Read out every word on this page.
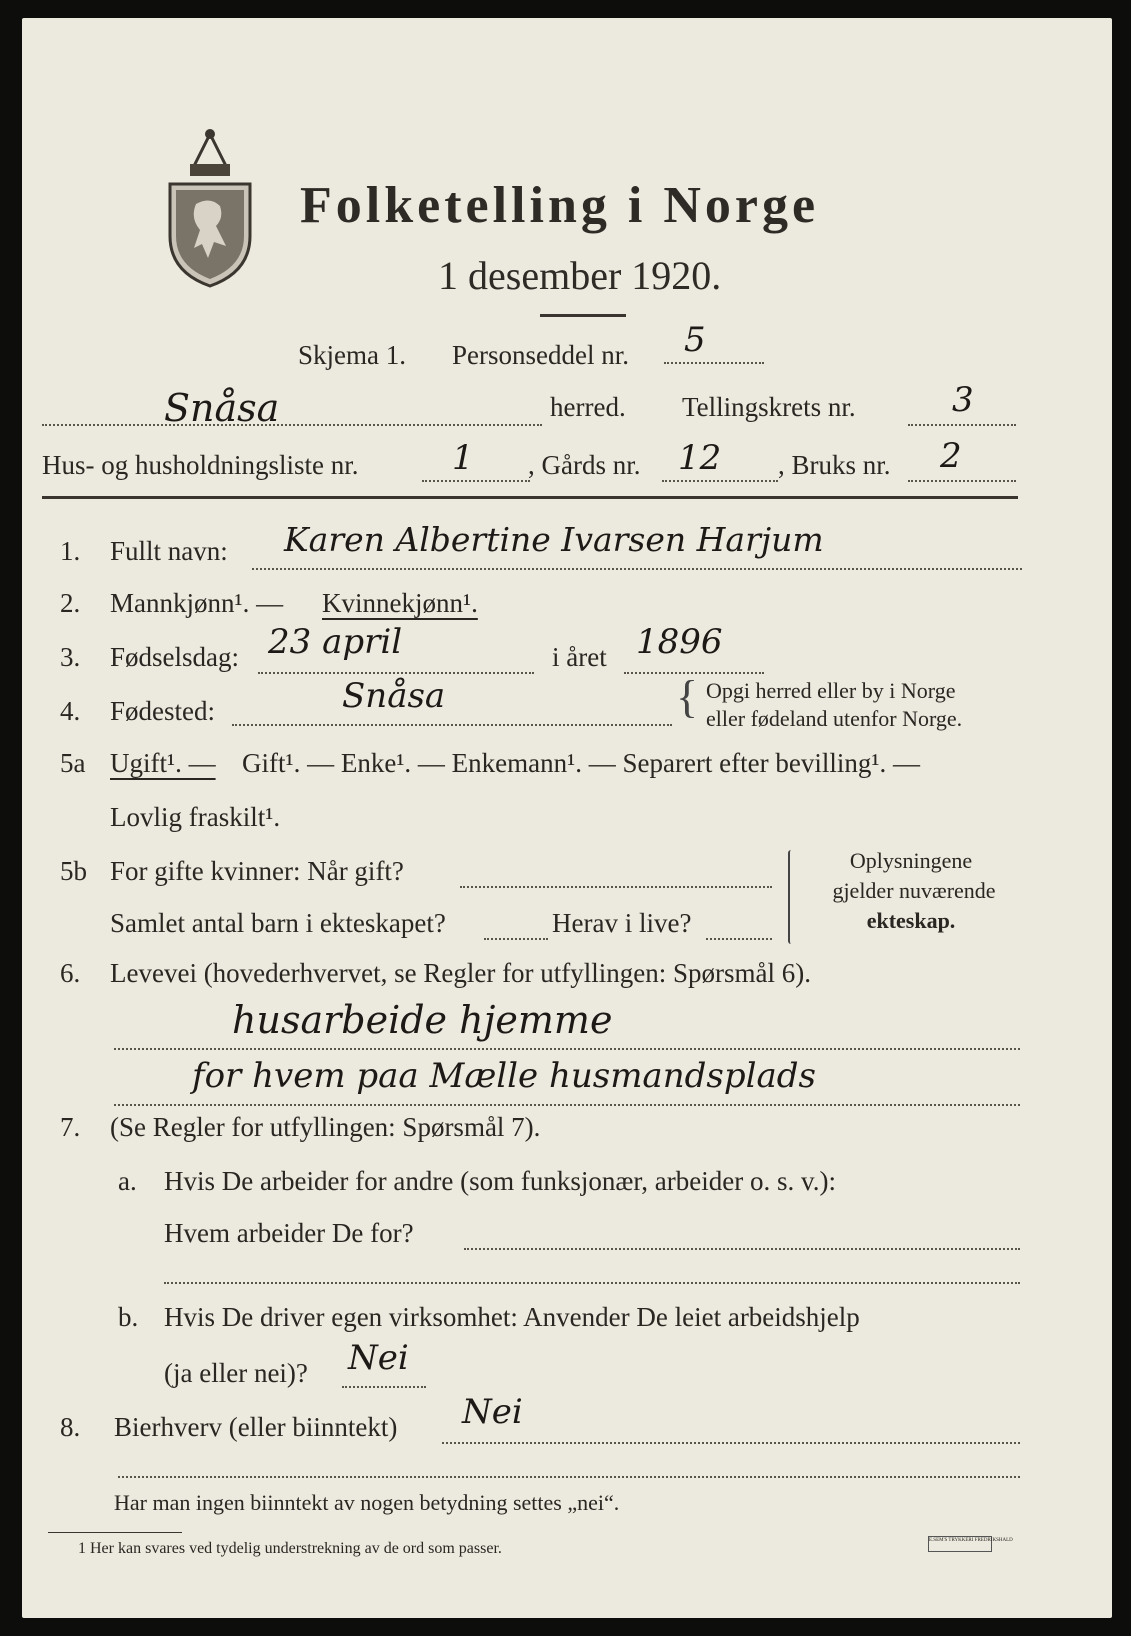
Folketelling i Norge
1 desember 1920.
Skjema 1. Personseddel nr. 5
Snåsa	herred. Tellingskrets nr.	3
Hus- og husholdningsliste nr.	1 , Gårds nr. 12 , Bruks nr. 2
1. Fullt navn: Karen Albertine Ivarsen Harjum
2. Mannkjønn¹. — Kvinnekjønn¹.
3. Fødselsdag: 23 april	i året 1896
4. Fødested:	Snåsa	{ Opgi herred eller by i Norge
eller fødeland utenfor Norge.
5a Ugift¹. — Gift¹. — Enke¹. — Enkemann¹. — Separert efter bevilling¹. —
Lovlig fraskilt¹.
5b For gifte kvinner: Når gift?
Samlet antal barn i ekteskapet?	Herav i live?
Oplysningene
gjelder nuværende
ekteskap.
6. Levevei (hovederhvervet, se Regler for utfyllingen: Spørsmål 6).
husarbeide hjemme
for hvem paa Mælle husmandsplads
7. (Se Regler for utfyllingen: Spørsmål 7).
a. Hvis De arbeider for andre (som funksjonær, arbeider o. s. v.):
Hvem arbeider De for?
b. Hvis De driver egen virksomhet: Anvender De leiet arbeidshjelp
(ja eller nei)? Nei
8. Bierhverv (eller biinntekt) Nei
Har man ingen biinntekt av nogen betydning settes „nei“.
1 Her kan svares ved tydelig understrekning av de ord som passer.	E.SEM'S TRYKKERI FREDRIKSHALD
